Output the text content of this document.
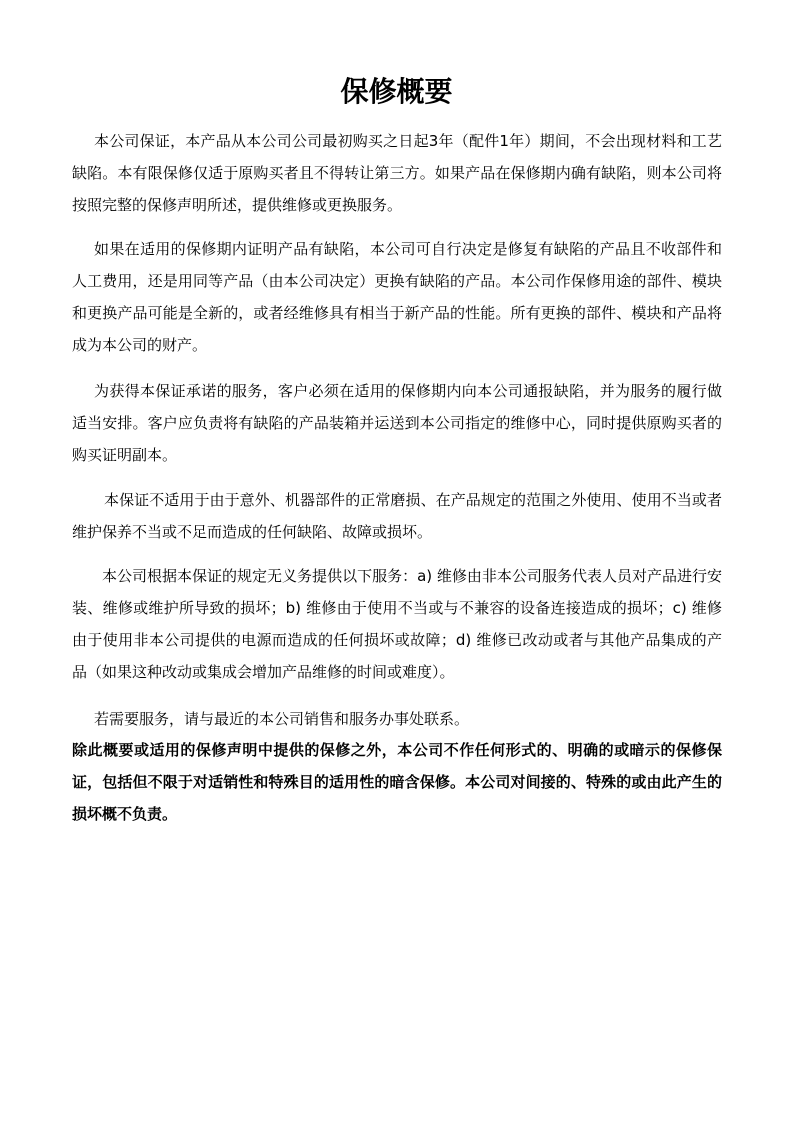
保修概要

本公司保证，本产品从本公司公司最初购买之日起3年（配件1年）期间，不会出现材料和工艺缺陷。本有限保修仅适于原购买者且不得转让第三方。如果产品在保修期内确有缺陷，则本公司将按照完整的保修声明所述，提供维修或更换服务。

如果在适用的保修期内证明产品有缺陷，本公司可自行决定是修复有缺陷的产品且不收部件和人工费用，还是用同等产品（由本公司决定）更换有缺陷的产品。本公司作保修用途的部件、模块和更换产品可能是全新的，或者经维修具有相当于新产品的性能。所有更换的部件、模块和产品将成为本公司的财产。

为获得本保证承诺的服务，客户必须在适用的保修期内向本公司通报缺陷，并为服务的履行做适当安排。客户应负责将有缺陷的产品装箱并运送到本公司指定的维修中心，同时提供原购买者的购买证明副本。

本保证不适用于由于意外、机器部件的正常磨损、在产品规定的范围之外使用、使用不当或者维护保养不当或不足而造成的任何缺陷、故障或损坏。

本公司根据本保证的规定无义务提供以下服务：a) 维修由非本公司服务代表人员对产品进行安装、维修或维护所导致的损坏；b) 维修由于使用不当或与不兼容的设备连接造成的损坏；c) 维修由于使用非本公司提供的电源而造成的任何损坏或故障；d) 维修已改动或者与其他产品集成的产品（如果这种改动或集成会增加产品维修的时间或难度）。

若需要服务，请与最近的本公司销售和服务办事处联系。

除此概要或适用的保修声明中提供的保修之外，本公司不作任何形式的、明确的或暗示的保修保证，包括但不限于对适销性和特殊目的适用性的暗含保修。本公司对间接的、特殊的或由此产生的损坏概不负责。
